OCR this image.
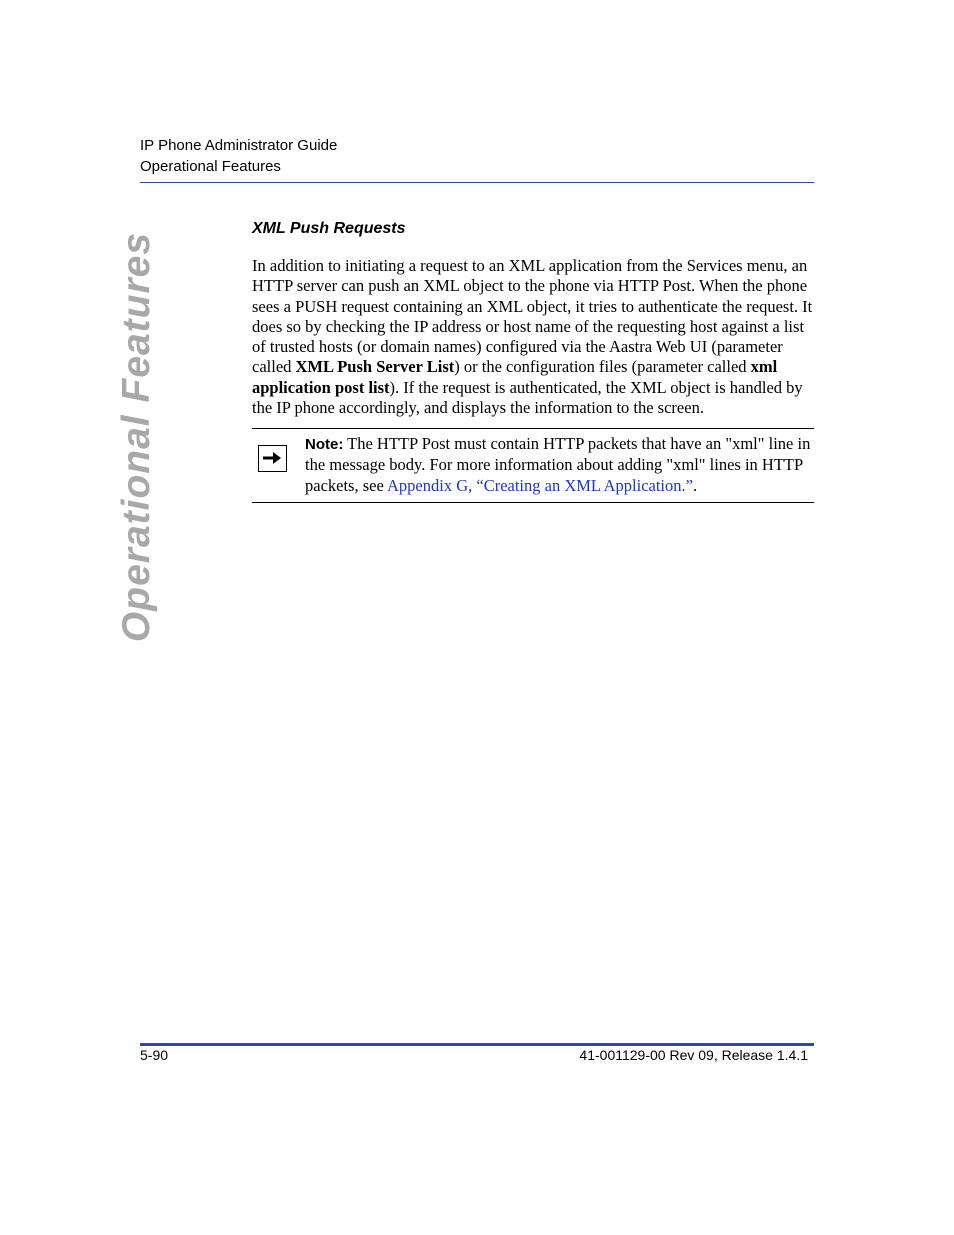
IP Phone Administrator Guide
Operational Features
Operational Features
XML Push Requests

In addition to initiating a request to an XML application from the Services menu, an HTTP server can push an XML object to the phone via HTTP Post. When the phone sees a PUSH request containing an XML object, it tries to authenticate the request. It does so by checking the IP address or host name of the requesting host against a list of trusted hosts (or domain names) configured via the Aastra Web UI (parameter called XML Push Server List) or the configuration files (parameter called xml application post list). If the request is authenticated, the XML object is handled by the IP phone accordingly, and displays the information to the screen.

Note: The HTTP Post must contain HTTP packets that have an "xml" line in the message body. For more information about adding "xml" lines in HTTP packets, see Appendix G, “Creating an XML Application.”.

5-90	41-001129-00 Rev 09, Release 1.4.1
